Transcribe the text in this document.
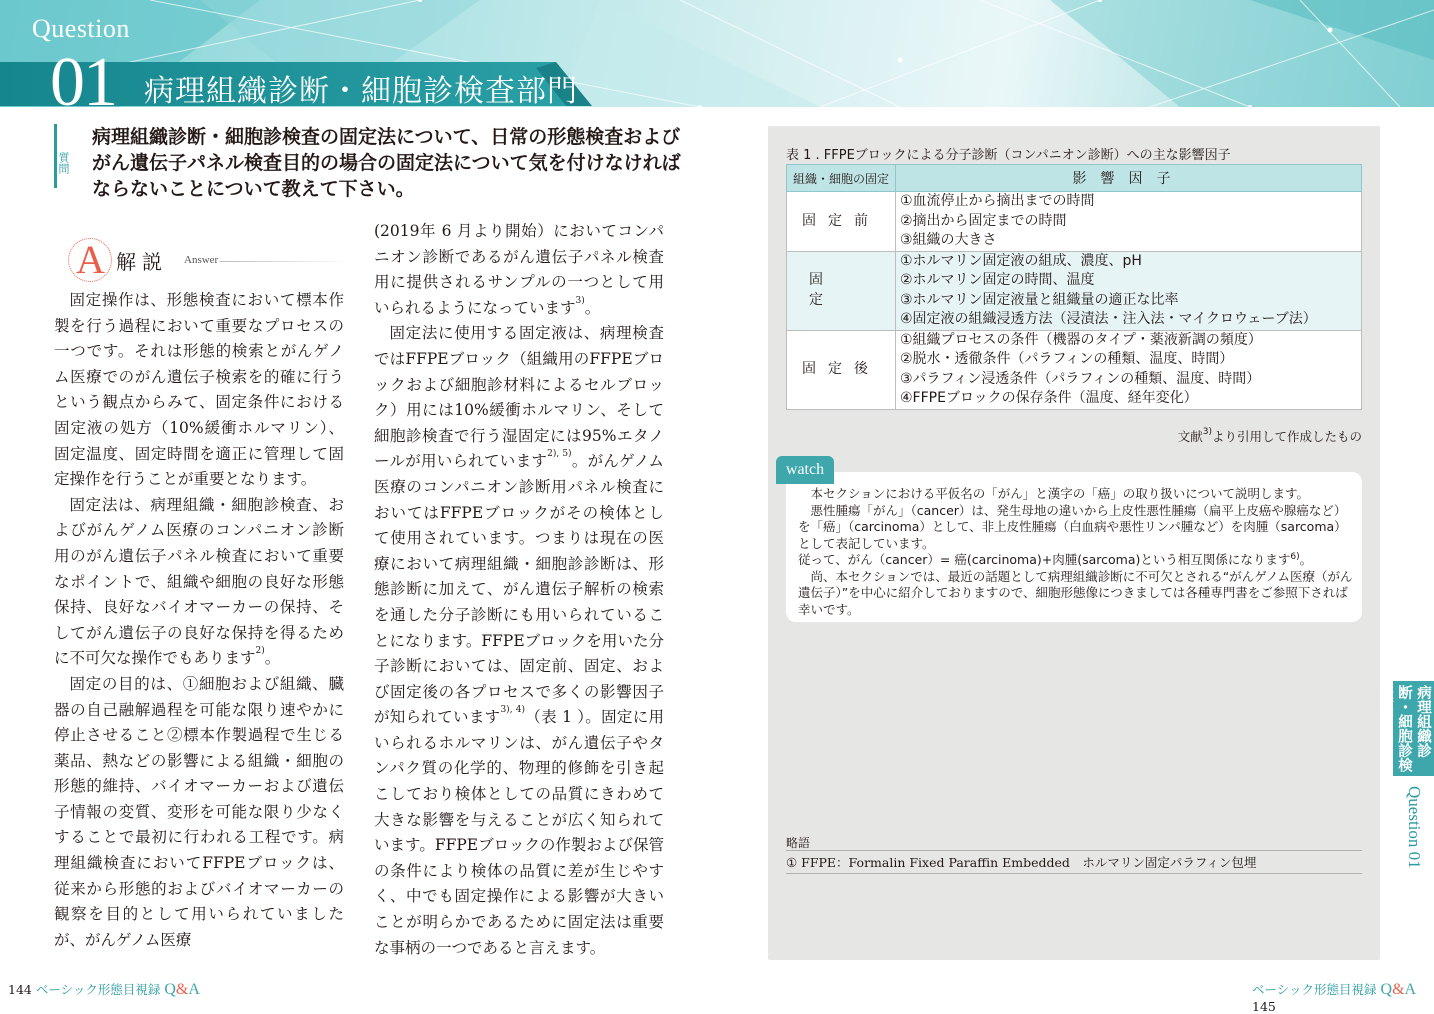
Question
01 病理組織診断・細胞診検査部門
質問
病理組織診断・細胞診検査の固定法について、日常の形態検査およびがん遺伝子パネル検査目的の場合の固定法について気を付けなければならないことについて教えて下さい。
A 解説 Answer

固定操作は、形態検査において標本作製を行う過程において重要なプロセスの一つです。それは形態的検索とがんゲノム医療でのがん遺伝子検索を的確に行うという観点からみて、固定条件における固定液の処方（10%緩衝ホルマリン）、固定温度、固定時間を適正に管理して固定操作を行うことが重要となります。

固定法は、病理組織・細胞診検査、およびがんゲノム医療のコンパニオン診断用のがん遺伝子パネル検査において重要なポイントで、組織や細胞の良好な形態保持、良好なバイオマーカーの保持、そしてがん遺伝子の良好な保持を得るために不可欠な操作でもあります$^{2)}$。

固定の目的は、①細胞および組織、臓器の自己融解過程を可能な限り速やかに停止させること②標本作製過程で生じる薬品、熱などの影響による組織・細胞の形態的維持、バイオマーカーおよび遺伝子情報の変質、変形を可能な限り少なくすることで最初に行われる工程です。病理組織検査においてFFPEブロックは、従来から形態的およびバイオマーカーの観察を目的として用いられていましたが、がんゲノム医療

(2019年 6 月より開始）においてコンパニオン診断であるがん遺伝子パネル検査用に提供されるサンプルの一つとして用いられるようになっています$^{3)}$。

固定法に使用する固定液は、病理検査ではFFPEブロック（組織用のFFPEブロックおよび細胞診材料によるセルブロック）用には10%緩衝ホルマリン、そして細胞診検査で行う湿固定には95%エタノールが用いられています$^{2), 5)}$。がんゲノム医療のコンパニオン診断用パネル検査においてはFFPEブロックがその検体として使用されています。つまりは現在の医療において病理組織・細胞診診断は、形態診断に加えて、がん遺伝子解析の検索を通した分子診断にも用いられていることになります。FFPEブロックを用いた分子診断においては、固定前、固定、および固定後の各プロセスで多くの影響因子が知られています$^{3), 4)}$（表 1 ）。固定に用いられるホルマリンは、がん遺伝子やタンパク質の化学的、物理的修飾を引き起こしており検体としての品質にきわめて大きな影響を与えることが広く知られています。FFPEブロックの作製および保管の条件により検体の品質に差が生じやすく、中でも固定操作による影響が大きいことが明らかであるために固定法は重要な事柄の一つであると言えます。

表 1 . FFPEブロックによる分子診断（コンパニオン診断）への主な影響因子
組織・細胞の固定	影響因子
固定前	①血流停止から摘出までの時間
②摘出から固定までの時間
③組織の大きさ

固定	①ホルマリン固定液の組成、濃度、pH
②ホルマリン固定の時間、温度
③ホルマリン固定液量と組織量の適正な比率
④固定液の組織浸透方法（浸漬法・注入法・マイクロウェーブ法）

固定後	①組織プロセスの条件（機器のタイプ・薬液新調の頻度）
②脱水・透徹条件（パラフィンの種類、温度、時間）
③パラフィン浸透条件（パラフィンの種類、温度、時間）
④FFPEブロックの保存条件（温度、経年変化）
文献$^{3)}$より引用して作成したもの
watch

本セクションにおける平仮名の「がん」と漢字の「癌」の取り扱いについて説明します。

悪性腫瘍「がん」（cancer）は、発生母地の違いから上皮性悪性腫瘍（扁平上皮癌や腺癌など）を「癌」（carcinoma）として、非上皮性腫瘍（白血病や悪性リンパ腫など）を肉腫（sarcoma）として表記しています。

従って、がん（cancer）= 癌(carcinoma)+肉腫(sarcoma)という相互関係になります$^{6)}$。

尚、本セクションでは、最近の話題として病理組織診断に不可欠とされる“がんゲノム医療（がん遺伝子）”を中心に紹介しておりますので、細胞形態像につきましては各種専門書をご参照下されば幸いです。

略語
① FFPE：Formalin Fixed Paraffin Embedded　ホルマリン固定パラフィン包埋
病理組織診断・細胞診検査部門
Question 01
144 ベーシック形態目視録 Q&A	ベーシック形態目視録 Q&A 145
